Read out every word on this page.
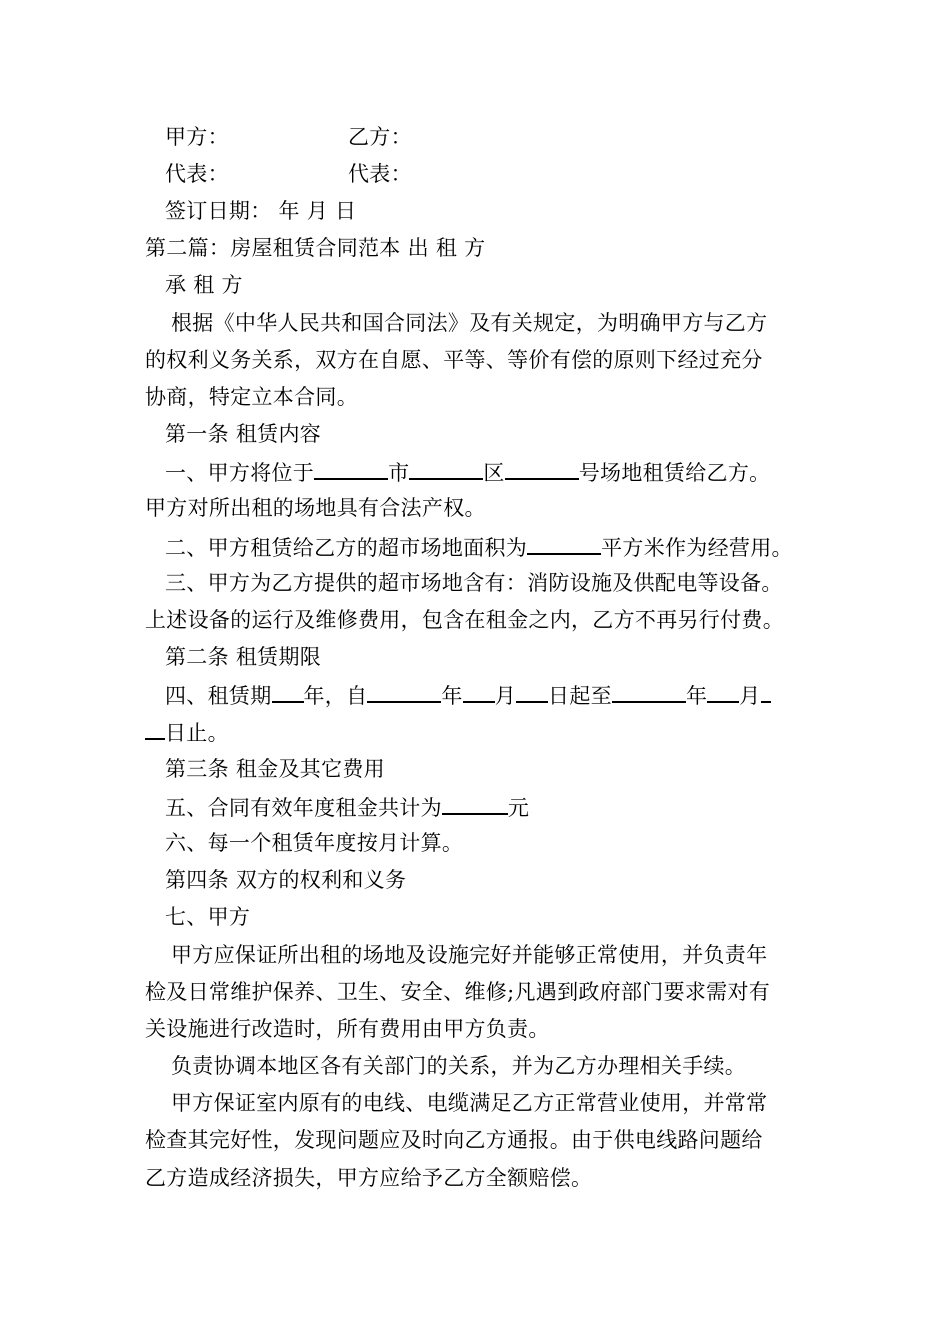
甲方：	乙方：
代表：	代表：
签订日期： 年 月 日
第二篇：房屋租赁合同范本 出 租 方
承 租 方
根据《中华人民共和国合同法》及有关规定，为明确甲方与乙方
的权利义务关系，双方在自愿、平等、等价有偿的原则下经过充分
协商，特定立本合同。
第一条 租赁内容
一、甲方将位于	市	区	号场地租赁给乙方。
甲方对所出租的场地具有合法产权。
二、甲方租赁给乙方的超市场地面积为	平方米作为经营用。
三、甲方为乙方提供的超市场地含有：消防设施及供配电等设备。
上述设备的运行及维修费用，包含在租金之内，乙方不再另行付费。
第二条 租赁期限
四、租赁期 年，自	年 月 日起至	年 月
日止。
第三条 租金及其它费用
五、合同有效年度租金共计为	元
六、每一个租赁年度按月计算。
第四条 双方的权利和义务
七、甲方
甲方应保证所出租的场地及设施完好并能够正常使用，并负责年
检及日常维护保养、卫生、安全、维修;凡遇到政府部门要求需对有
关设施进行改造时，所有费用由甲方负责。
负责协调本地区各有关部门的关系，并为乙方办理相关手续。
甲方保证室内原有的电线、电缆满足乙方正常营业使用，并常常
检查其完好性，发现问题应及时向乙方通报。由于供电线路问题给
乙方造成经济损失，甲方应给予乙方全额赔偿。
